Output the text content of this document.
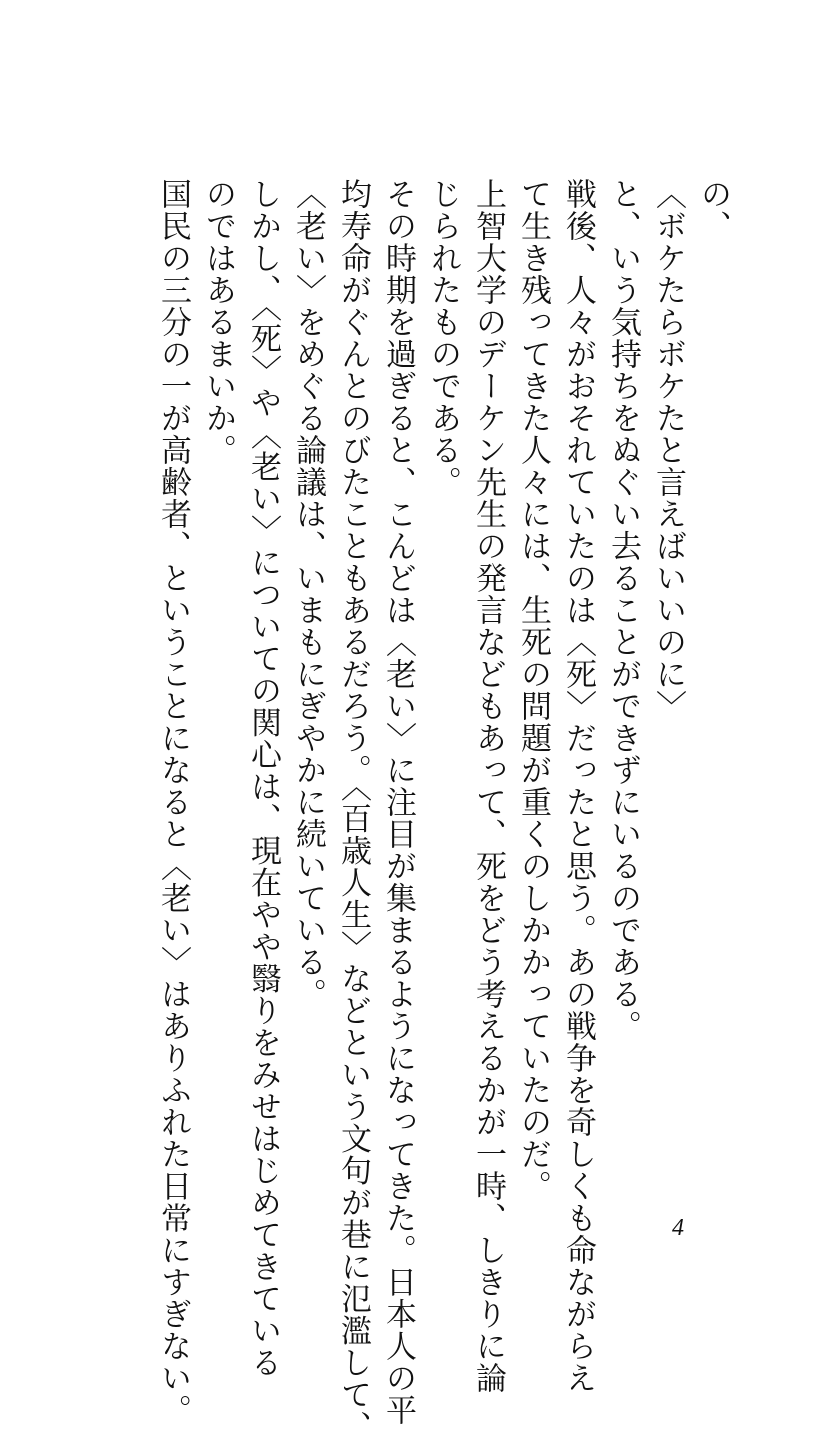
の、
〈ボケたらボケたと言えばいいのに〉
と、いう気持ちをぬぐい去ることができずにいるのである。
戦後、人々がおそれていたのは〈死〉だったと思う。あの戦争を奇しくも命ながらえ
て生き残ってきた人々には、生死の問題が重くのしかかっていたのだ。
上智大学のデーケン先生の発言などもあって、死をどう考えるかが一時、しきりに論
じられたものである。
その時期を過ぎると、こんどは〈老い〉に注目が集まるようになってきた。日本人の平
均寿命がぐんとのびたこともあるだろう。〈百歳人生〉などという文句が巷に氾濫して、
〈老い〉をめぐる論議は、いまもにぎやかに続いている。
しかし、〈死〉や〈老い〉についての関心は、現在やや翳りをみせはじめてきている
のではあるまいか。
国民の三分の一が高齢者、ということになると〈老い〉はありふれた日常にすぎない。	4
